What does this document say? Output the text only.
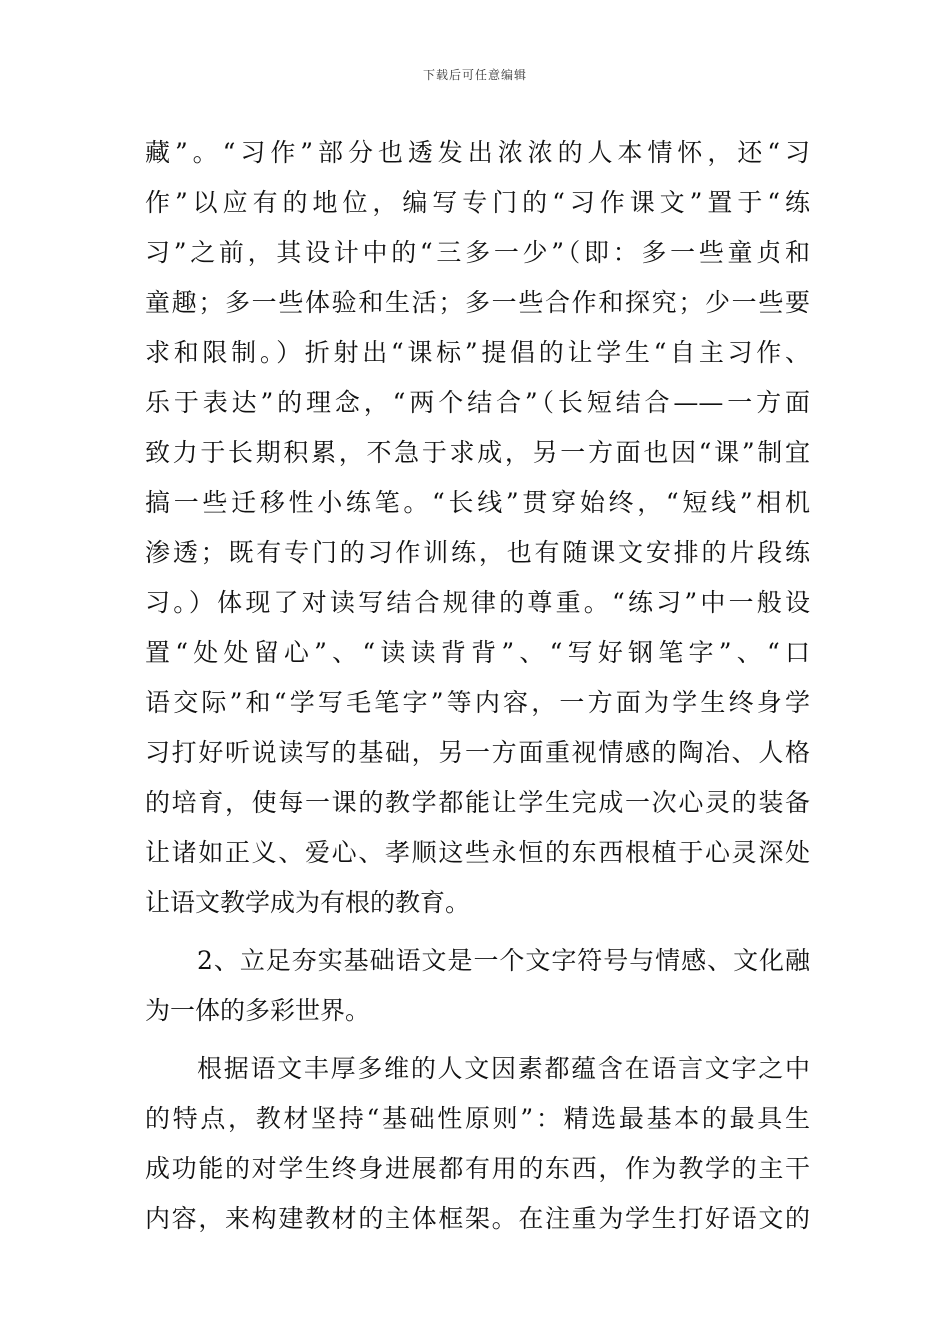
下载后可任意编辑
藏”。“习作”部分也透发出浓浓的人本情怀，还“习
作”以应有的地位，编写专门的“习作课文”置于“练
习”之前，其设计中的“三多一少”（即：多一些童贞和
童趣；多一些体验和生活；多一些合作和探究；少一些要
求和限制。）折射出“课标”提倡的让学生“自主习作、
乐于表达”的理念，“两个结合”（长短结合——一方面
致力于长期积累，不急于求成，另一方面也因“课”制宜
搞一些迁移性小练笔。“长线”贯穿始终，“短线”相机
渗透；既有专门的习作训练，也有随课文安排的片段练
习。）体现了对读写结合规律的尊重。“练习”中一般设
置“处处留心”、“读读背背”、“写好钢笔字”、“口
语交际”和“学写毛笔字”等内容，一方面为学生终身学
习打好听说读写的基础，另一方面重视情感的陶冶、人格
的培育，使每一课的教学都能让学生完成一次心灵的装备
让诸如正义、爱心、孝顺这些永恒的东西根植于心灵深处
让语文教学成为有根的教育。
2、立足夯实基础语文是一个文字符号与情感、文化融
为一体的多彩世界。
根据语文丰厚多维的人文因素都蕴含在语言文字之中
的特点，教材坚持“基础性原则”：精选最基本的最具生
成功能的对学生终身进展都有用的东西，作为教学的主干
内容，来构建教材的主体框架。在注重为学生打好语文的
